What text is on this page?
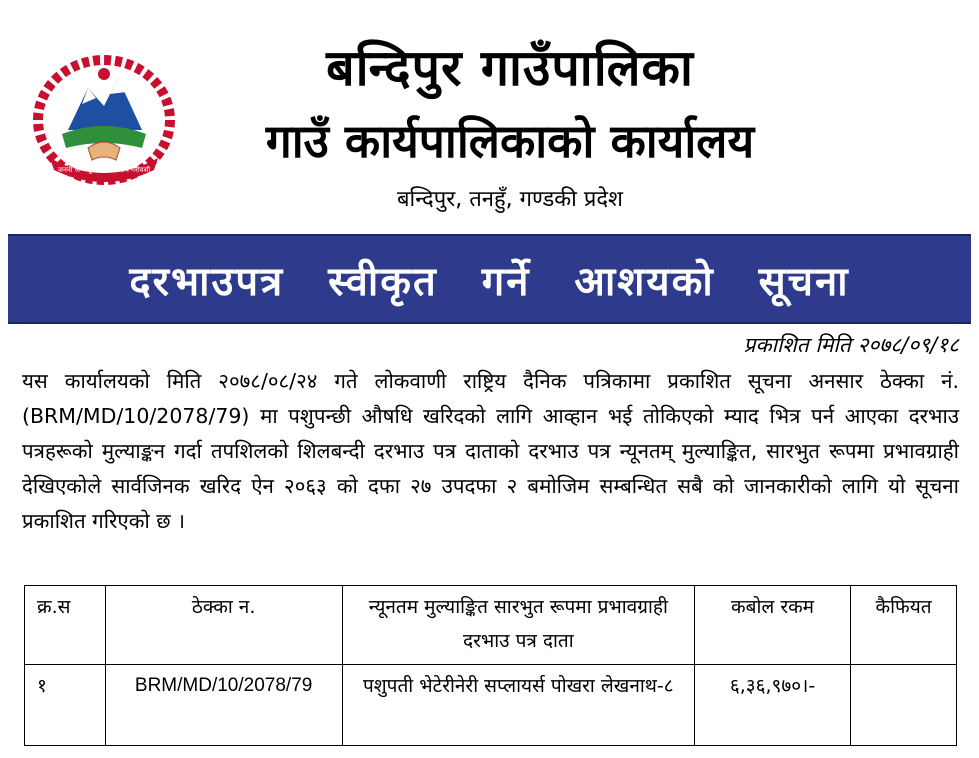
जननी जन्मभूमिश्च स्वर्गादपि गरीयसी
बन्दिपुर गाउँपालिका
गाउँ कार्यपालिकाको कार्यालय
बन्दिपुर, तनहुँ, गण्डकी प्रदेश
दरभाउपत्र स्वीकृत गर्ने आशयको सूचना
प्रकाशित मिति २०७८/०९/१८
यस कार्यालयको मिति २०७८/०८/२४ गते लोकवाणी राष्ट्रिय दैनिक पत्रिकामा प्रकाशित सूचना अनसार ठेक्का नं. (BRM/MD/10/2078/79) मा पशुपन्छी औषधि खरिदको लागि आव्हान भई तोकिएको म्याद भित्र पर्न आएका दरभाउ पत्रहरूको मुल्याङ्कन गर्दा तपशिलको शिलबन्दी दरभाउ पत्र दाताको दरभाउ पत्र न्यूनतम् मुल्याङ्कित, सारभुत रूपमा प्रभावग्राही देखिएकोले सार्वजिनक खरिद ऐन २०६३ को दफा २७ उपदफा २ बमोजिम सम्बन्धित सबै को जानकारीको लागि यो सूचना प्रकाशित गरिएको छ ।
क्र.स	ठेक्का न.	न्यूनतम मुल्याङ्कित सारभुत रूपमा प्रभावग्राही दरभाउ पत्र दाता	कबोल रकम	कैफियत
१	BRM/MD/10/2078/79	पशुपती भेटेरीनेरी सप्लायर्स पोखरा लेखनाथ-८	६,३६,९७०।-	
